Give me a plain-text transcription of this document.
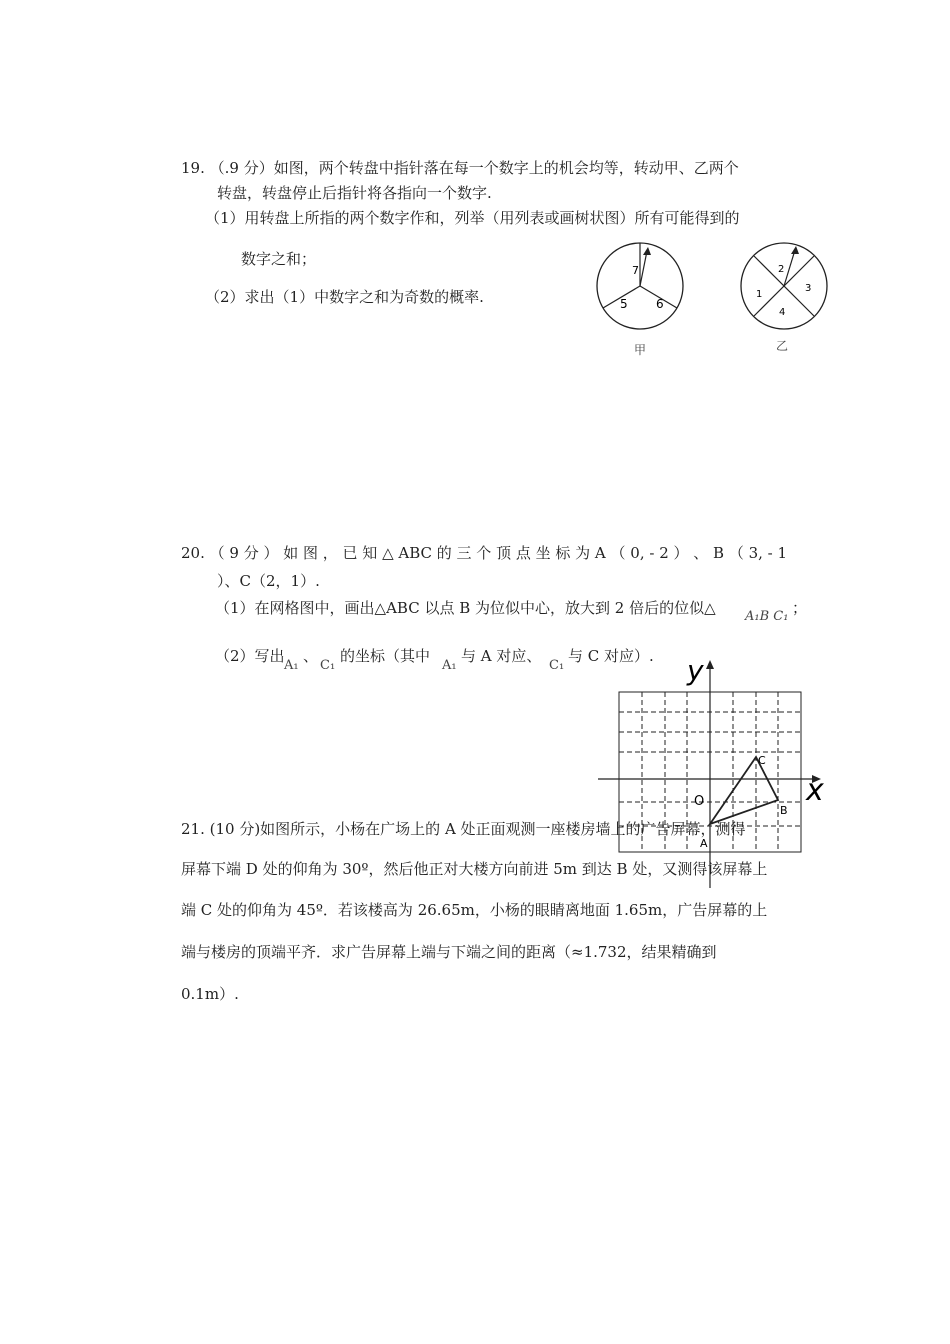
19. （.9 分）如图，两个转盘中指针落在每一个数字上的机会均等，转动甲、乙两个
转盘，转盘停止后指针将各指向一个数字.
（1）用转盘上所指的两个数字作和，列举（用列表或画树状图）所有可能得到的
数字之和；
（2）求出（1）中数字之和为奇数的概率.
7
5 6
甲
2
3
1
4
乙
20. （ 9 分 ） 如 图 ， 已 知 △ ABC 的 三 个 顶 点 坐 标 为 A （ 0, - 2 ） 、 B （ 3, - 1
）、C（2，1）.
（1）在网格图中，画出△ABC 以点 B 为位似中心，放大到 2 倍后的位似△ A₁B C₁ ；
（2）写出
A₁
、
C₁
的坐标（其中
A₁
与 A 对应、
C₁
与 C 对应）. y
x
O
A
B
C
21. (10 分)如图所示，小杨在广场上的 A 处正面观测一座楼房墙上的广告屏幕，测得
屏幕下端 D 处的仰角为 30º，然后他正对大楼方向前进 5m 到达 B 处，又测得该屏幕上
端 C 处的仰角为 45º．若该楼高为 26.65m，小杨的眼睛离地面 1.65m，广告屏幕的上
端与楼房的顶端平齐．求广告屏幕上端与下端之间的距离（≈1.732，结果精确到
0.1m）.
